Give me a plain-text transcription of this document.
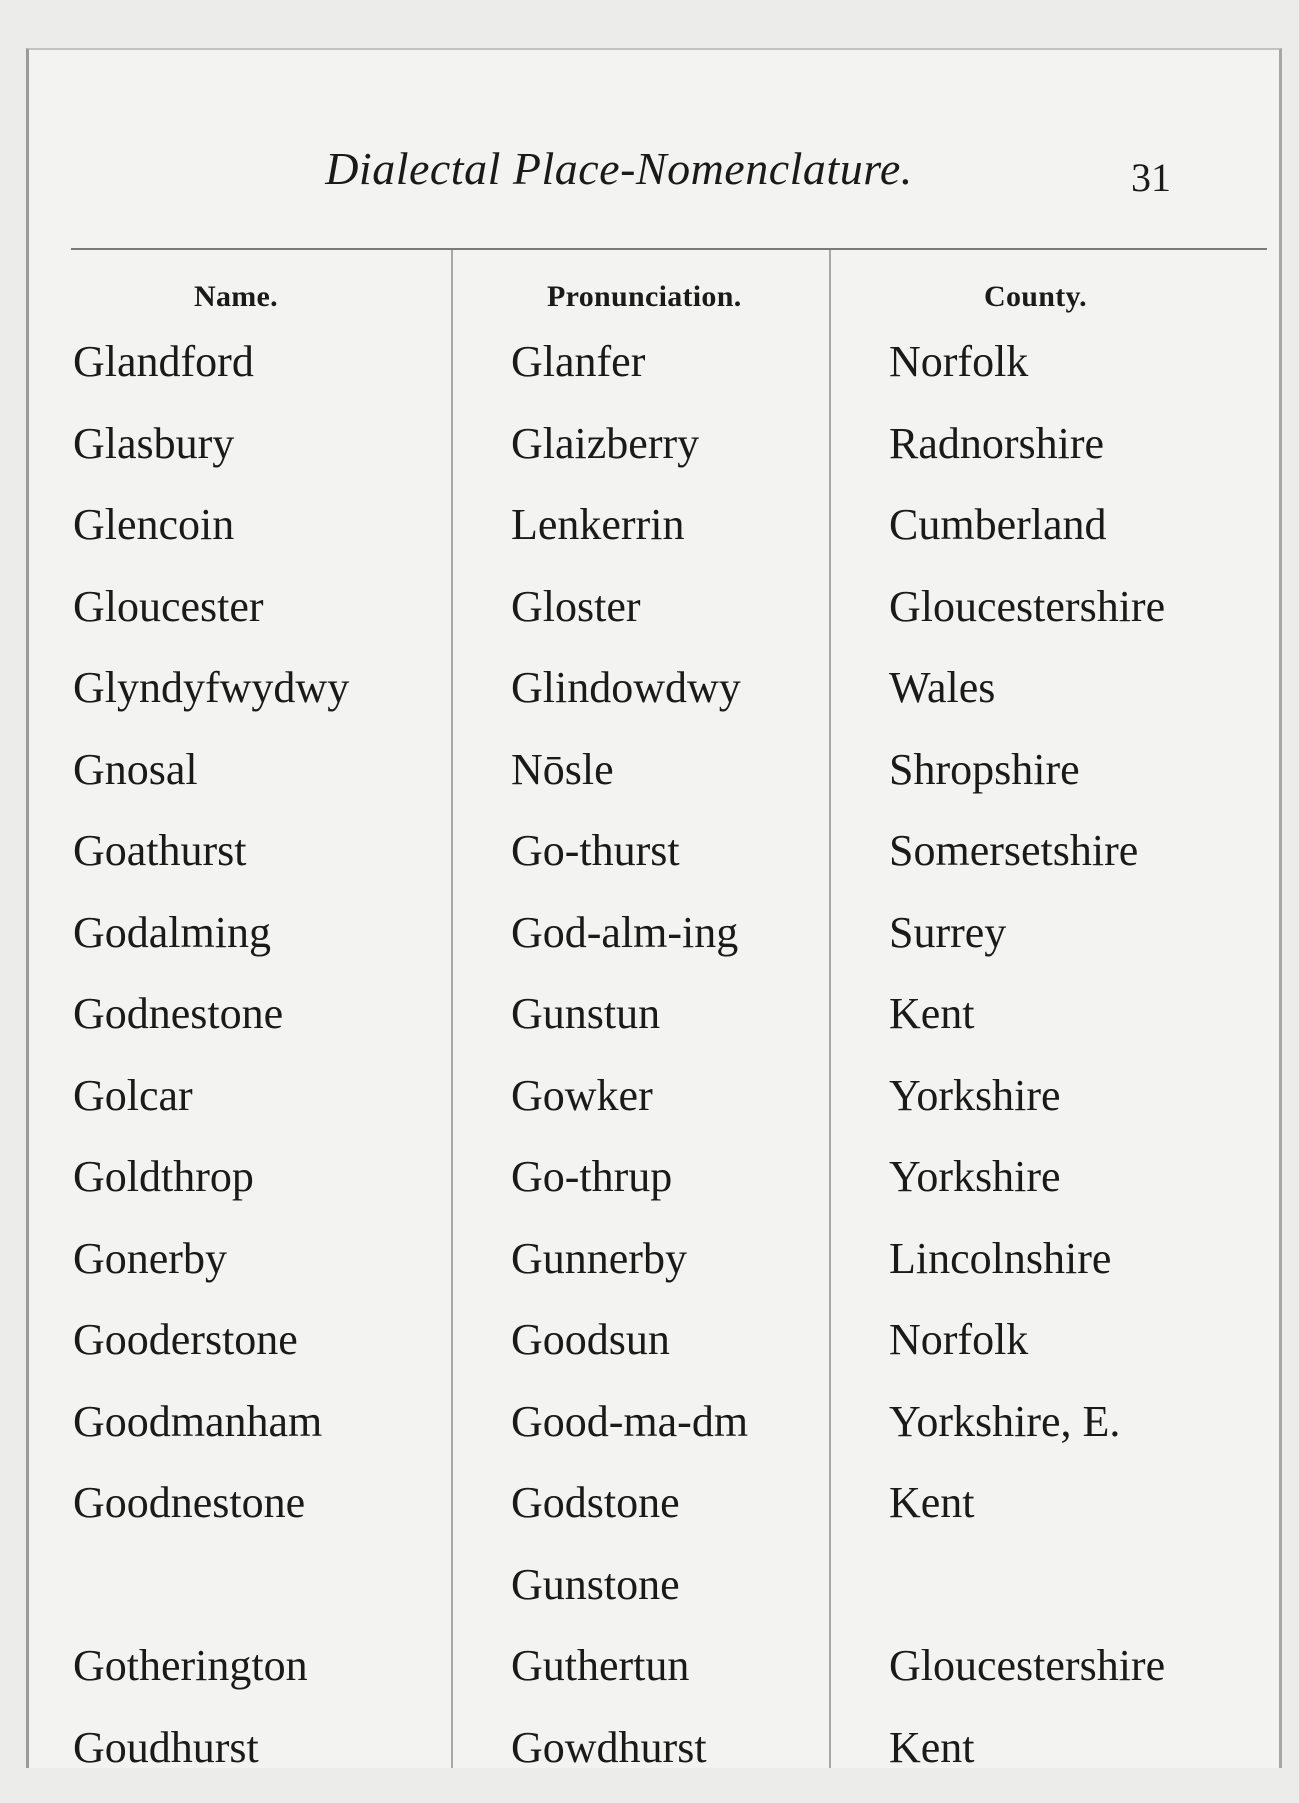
Dialectal Place-Nomenclature.	31
Name.	Pronunciation.	County.
Glandford	Glanfer	Norfolk
Glasbury	Glaizberry	Radnorshire
Glencoin	Lenkerrin	Cumberland
Gloucester	Gloster	Gloucestershire
Glyndyfwydwy	Glindowdwy	Wales
Gnosal	Nōsle	Shropshire
Goathurst	Go-thurst	Somersetshire
Godalming	God-alm-ing	Surrey
Godnestone	Gunstun	Kent
Golcar	Gowker	Yorkshire
Goldthrop	Go-thrup	Yorkshire
Gonerby	Gunnerby	Lincolnshire
Gooderstone	Goodsun	Norfolk
Goodmanham	Good-ma-dm	Yorkshire, E.
Goodnestone	Godstone	Kent
Gunstone
Gotherington	Guthertun	Gloucestershire
Goudhurst	Gowdhurst	Kent
